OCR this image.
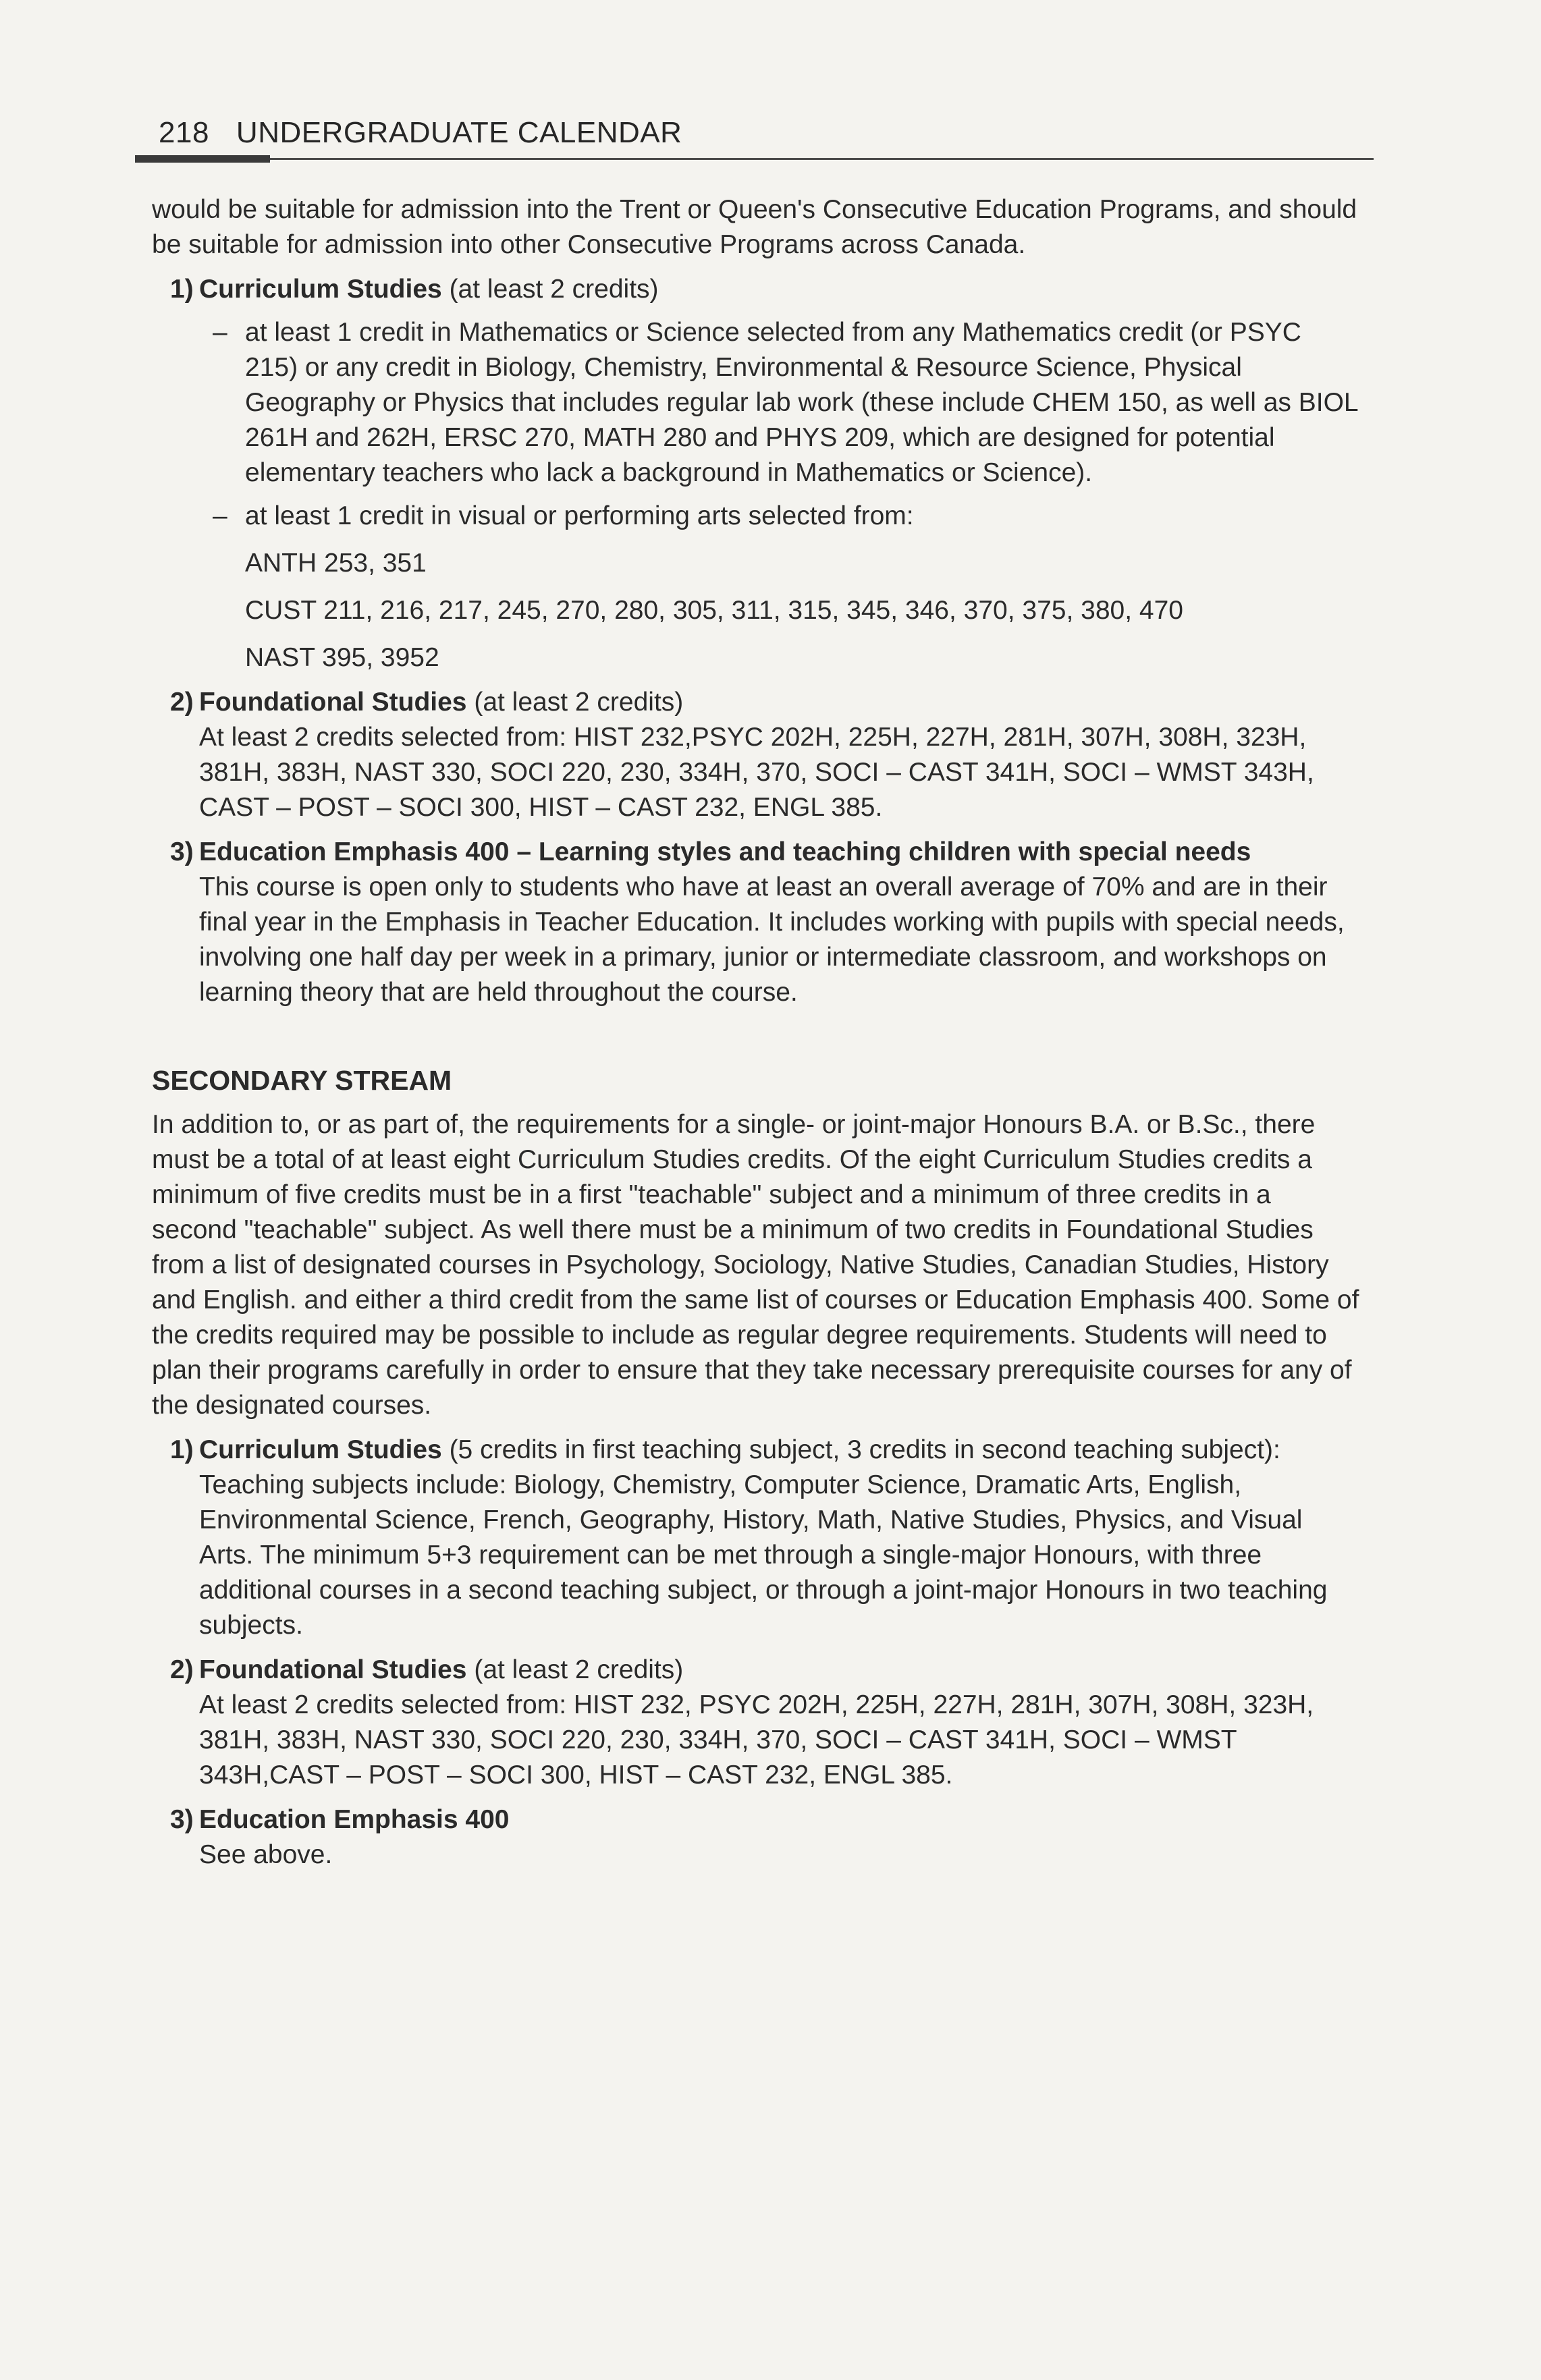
218 UNDERGRADUATE CALENDAR

would be suitable for admission into the Trent or Queen's Consecutive Education Programs, and should be suitable for admission into other Consecutive Programs across Canada.

1) Curriculum Studies (at least 2 credits)
– at least 1 credit in Mathematics or Science selected from any Mathematics credit (or PSYC 215) or any credit in Biology, Chemistry, Environmental & Resource Science, Physical Geography or Physics that includes regular lab work (these include CHEM 150, as well as BIOL 261H and 262H, ERSC 270, MATH 280 and PHYS 209, which are designed for potential elementary teachers who lack a background in Mathematics or Science).
– at least 1 credit in visual or performing arts selected from:
ANTH 253, 351
CUST 211, 216, 217, 245, 270, 280, 305, 311, 315, 345, 346, 370, 375, 380, 470
NAST 395, 3952
2) Foundational Studies (at least 2 credits)

At least 2 credits selected from: HIST 232,PSYC 202H, 225H, 227H, 281H, 307H, 308H, 323H, 381H, 383H, NAST 330, SOCI 220, 230, 334H, 370, SOCI – CAST 341H, SOCI – WMST 343H, CAST – POST – SOCI 300, HIST – CAST 232, ENGL 385.

3) Education Emphasis 400 – Learning styles and teaching children with special needs

This course is open only to students who have at least an overall average of 70% and are in their final year in the Emphasis in Teacher Education. It includes working with pupils with special needs, involving one half day per week in a primary, junior or intermediate classroom, and workshops on learning theory that are held throughout the course.

SECONDARY STREAM

In addition to, or as part of, the requirements for a single- or joint-major Honours B.A. or B.Sc., there must be a total of at least eight Curriculum Studies credits. Of the eight Curriculum Studies credits a minimum of five credits must be in a first "teachable" subject and a minimum of three credits in a second "teachable" subject. As well there must be a minimum of two credits in Foundational Studies from a list of designated courses in Psychology, Sociology, Native Studies, Canadian Studies, History and English. and either a third credit from the same list of courses or Education Emphasis 400. Some of the credits required may be possible to include as regular degree requirements. Students will need to plan their programs carefully in order to ensure that they take necessary prerequisite courses for any of the designated courses.

1) Curriculum Studies (5 credits in first teaching subject, 3 credits in second teaching subject):

Teaching subjects include: Biology, Chemistry, Computer Science, Dramatic Arts, English, Environmental Science, French, Geography, History, Math, Native Studies, Physics, and Visual Arts. The minimum 5+3 requirement can be met through a single-major Honours, with three additional courses in a second teaching subject, or through a joint-major Honours in two teaching subjects.

2) Foundational Studies (at least 2 credits)

At least 2 credits selected from: HIST 232, PSYC 202H, 225H, 227H, 281H, 307H, 308H, 323H, 381H, 383H, NAST 330, SOCI 220, 230, 334H, 370, SOCI – CAST 341H, SOCI – WMST 343H,CAST – POST – SOCI 300, HIST – CAST 232, ENGL 385.

3) Education Emphasis 400

See above.
